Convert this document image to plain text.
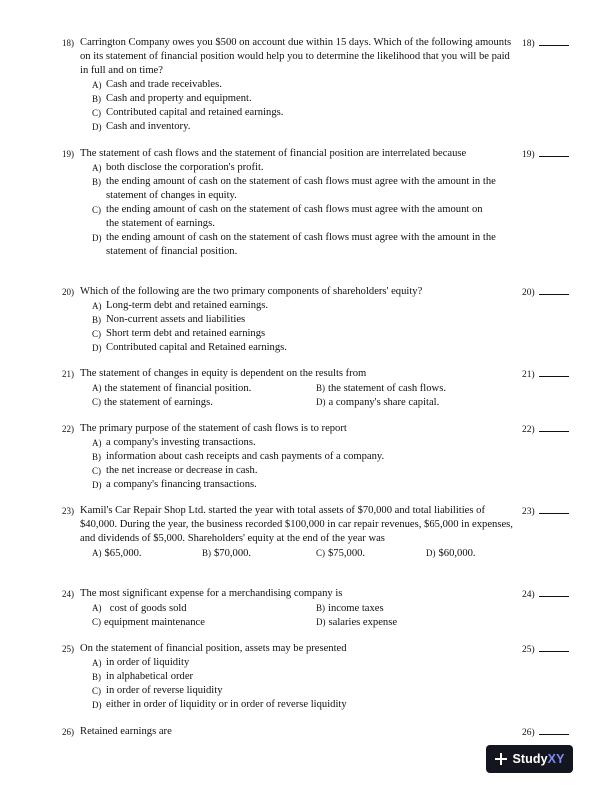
18) Carrington Company owes you $500 on account due within 15 days. Which of the following amounts on its statement of financial position would help you to determine the likelihood that you will be paid in full and on time?
18)
A) Cash and trade receivables.
B) Cash and property and equipment.
C) Contributed capital and retained earnings.
D) Cash and inventory.
19) The statement of cash flows and the statement of financial position are interrelated because	19)
A) both disclose the corporation's profit.
B) the ending amount of cash on the statement of cash flows must agree with the amount in the statement of changes in equity.
C) the ending amount of cash on the statement of cash flows must agree with the amount on the statement of earnings.
D) the ending amount of cash on the statement of cash flows must agree with the amount in the statement of financial position.
20) Which of the following are the two primary components of shareholders' equity?	20)
A) Long-term debt and retained earnings.
B) Non-current assets and liabilities
C) Short term debt and retained earnings
D) Contributed capital and Retained earnings.
21) The statement of changes in equity is dependent on the results from	21)
A) the statement of financial position.	B) the statement of cash flows.
C) the statement of earnings.	D) a company's share capital.
22) The primary purpose of the statement of cash flows is to report	22)
A) a company's investing transactions.
B) information about cash receipts and cash payments of a company.
C) the net increase or decrease in cash.
D) a company's financing transactions.
23) Kamil's Car Repair Shop Ltd. started the year with total assets of $70,000 and total liabilities of $40,000. During the year, the business recorded $100,000 in car repair revenues, $65,000 in expenses, and dividends of $5,000. Shareholders' equity at the end of the year was
23)
A) $65,000.	B) $70,000.	C) $75,000.	D) $60,000.
24) The most significant expense for a merchandising company is	24)
A) cost of goods sold	B) income taxes
C) equipment maintenance	D) salaries expense
25) On the statement of financial position, assets may be presented	25)
A) in order of liquidity
B) in alphabetical order
C) in order of reverse liquidity
D) either in order of liquidity or in order of reverse liquidity
26) Retained earnings are	26)
StudyXY
